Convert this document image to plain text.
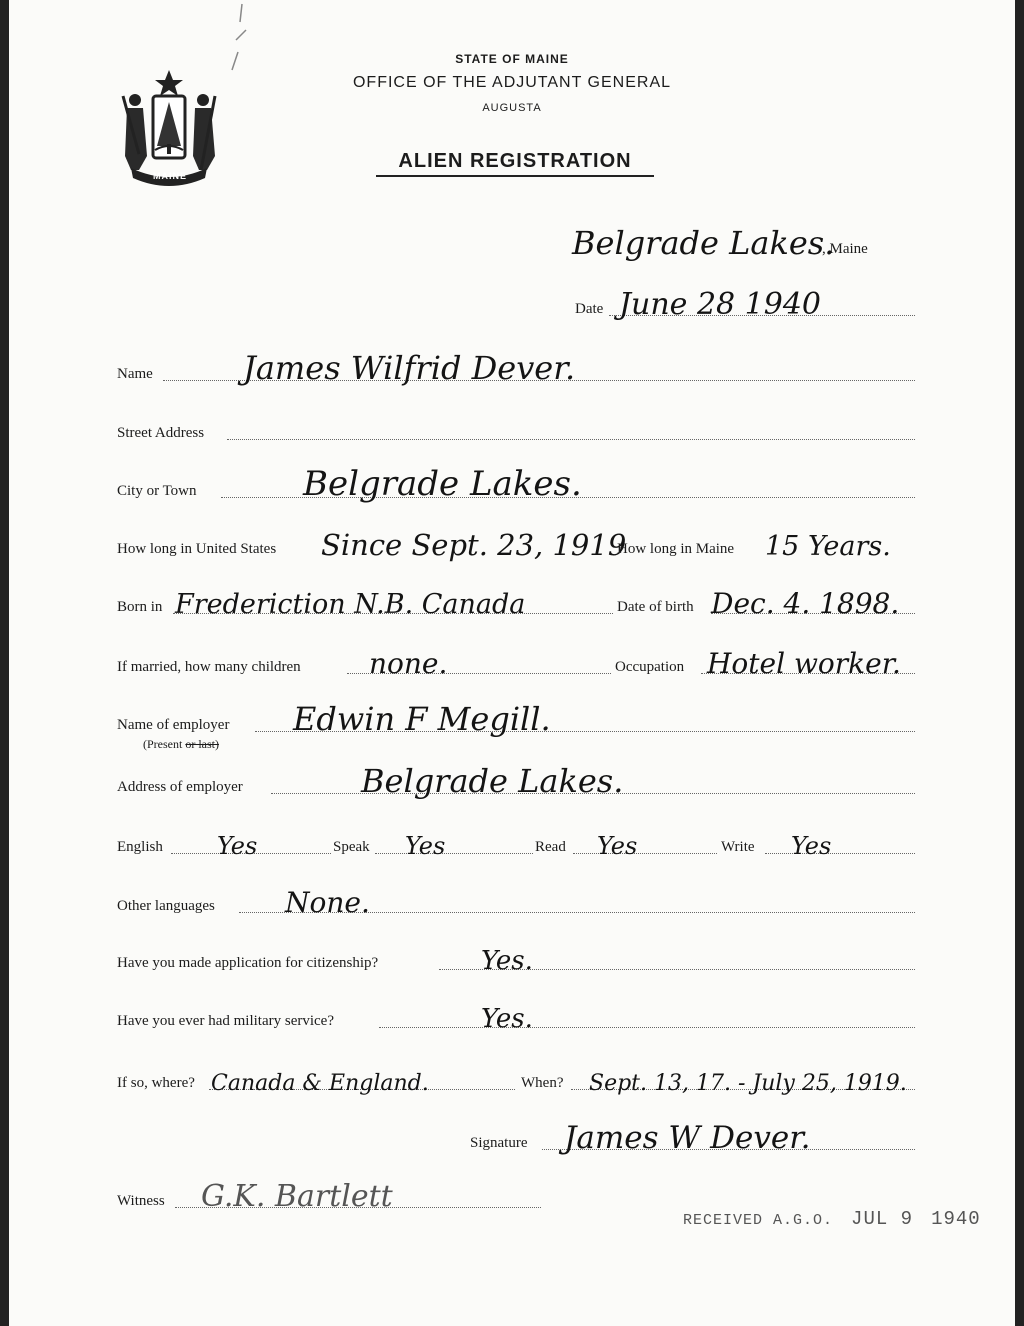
MAINE
STATE OF MAINE
OFFICE OF THE ADJUTANT GENERAL
AUGUSTA
ALIEN REGISTRATION
Belgrade Lakes.
, Maine
Date June 28 1940
Name	James Wilfrid Dever.
Street Address
City or Town	Belgrade Lakes.
How long in United States Since Sept. 23, 1919
How long in Maine 15 Years.
Born in Frederiction N.B. Canada	Date of birth Dec. 4. 1898.
If married, how many children none.	Occupation Hotel worker.
Name of employer Edwin F Megill.
(Present or last)
Address of employer	Belgrade Lakes.
English Yes	Speak Yes	Read Yes	Write Yes
Other languages	None.
Have you made application for citizenship?	Yes.
Have you ever had military service?	Yes.
If so, where? Canada & England.	When? Sept. 13, 17. - July 25, 1919.
Signature James W Dever.
Witness G.K. Bartlett
RECEIVED A.G.O. JUL 9 1940
